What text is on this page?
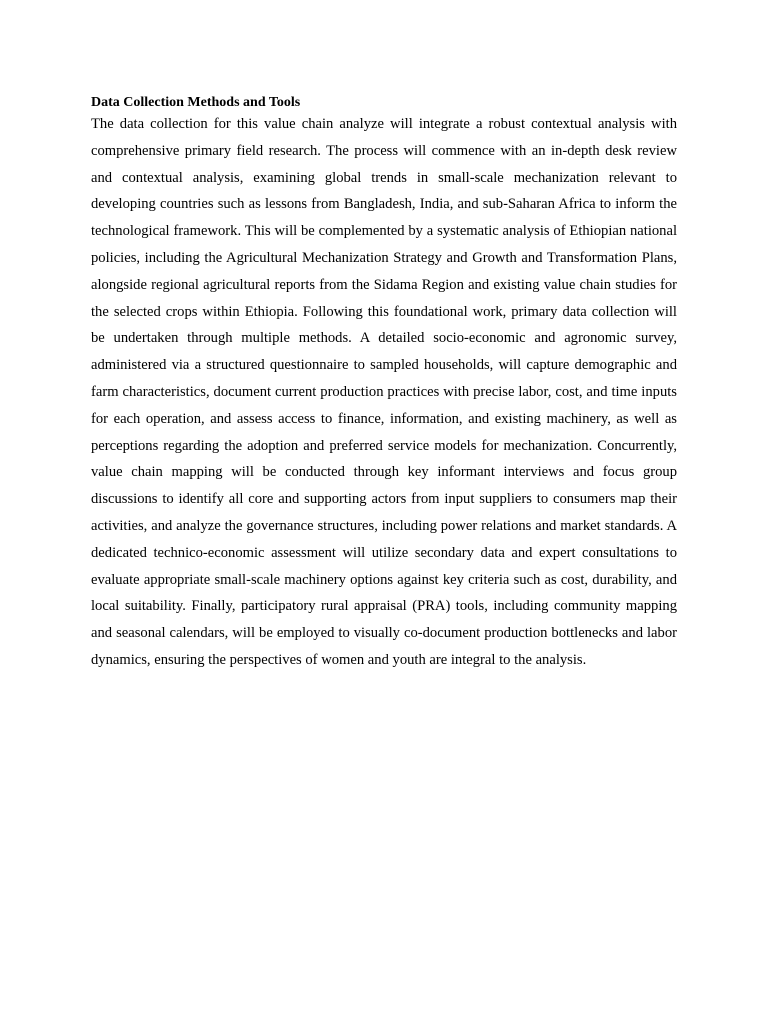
Data Collection Methods and Tools

The data collection for this value chain analyze will integrate a robust contextual analysis with comprehensive primary field research. The process will commence with an in-depth desk review and contextual analysis, examining global trends in small-scale mechanization relevant to developing countries such as lessons from Bangladesh, India, and sub-Saharan Africa to inform the technological framework. This will be complemented by a systematic analysis of Ethiopian national policies, including the Agricultural Mechanization Strategy and Growth and Transformation Plans, alongside regional agricultural reports from the Sidama Region and existing value chain studies for the selected crops within Ethiopia. Following this foundational work, primary data collection will be undertaken through multiple methods. A detailed socio-economic and agronomic survey, administered via a structured questionnaire to sampled households, will capture demographic and farm characteristics, document current production practices with precise labor, cost, and time inputs for each operation, and assess access to finance, information, and existing machinery, as well as perceptions regarding the adoption and preferred service models for mechanization. Concurrently, value chain mapping will be conducted through key informant interviews and focus group discussions to identify all core and supporting actors from input suppliers to consumers map their activities, and analyze the governance structures, including power relations and market standards. A dedicated technico-economic assessment will utilize secondary data and expert consultations to evaluate appropriate small-scale machinery options against key criteria such as cost, durability, and local suitability. Finally, participatory rural appraisal (PRA) tools, including community mapping and seasonal calendars, will be employed to visually co-document production bottlenecks and labor dynamics, ensuring the perspectives of women and youth are integral to the analysis.
